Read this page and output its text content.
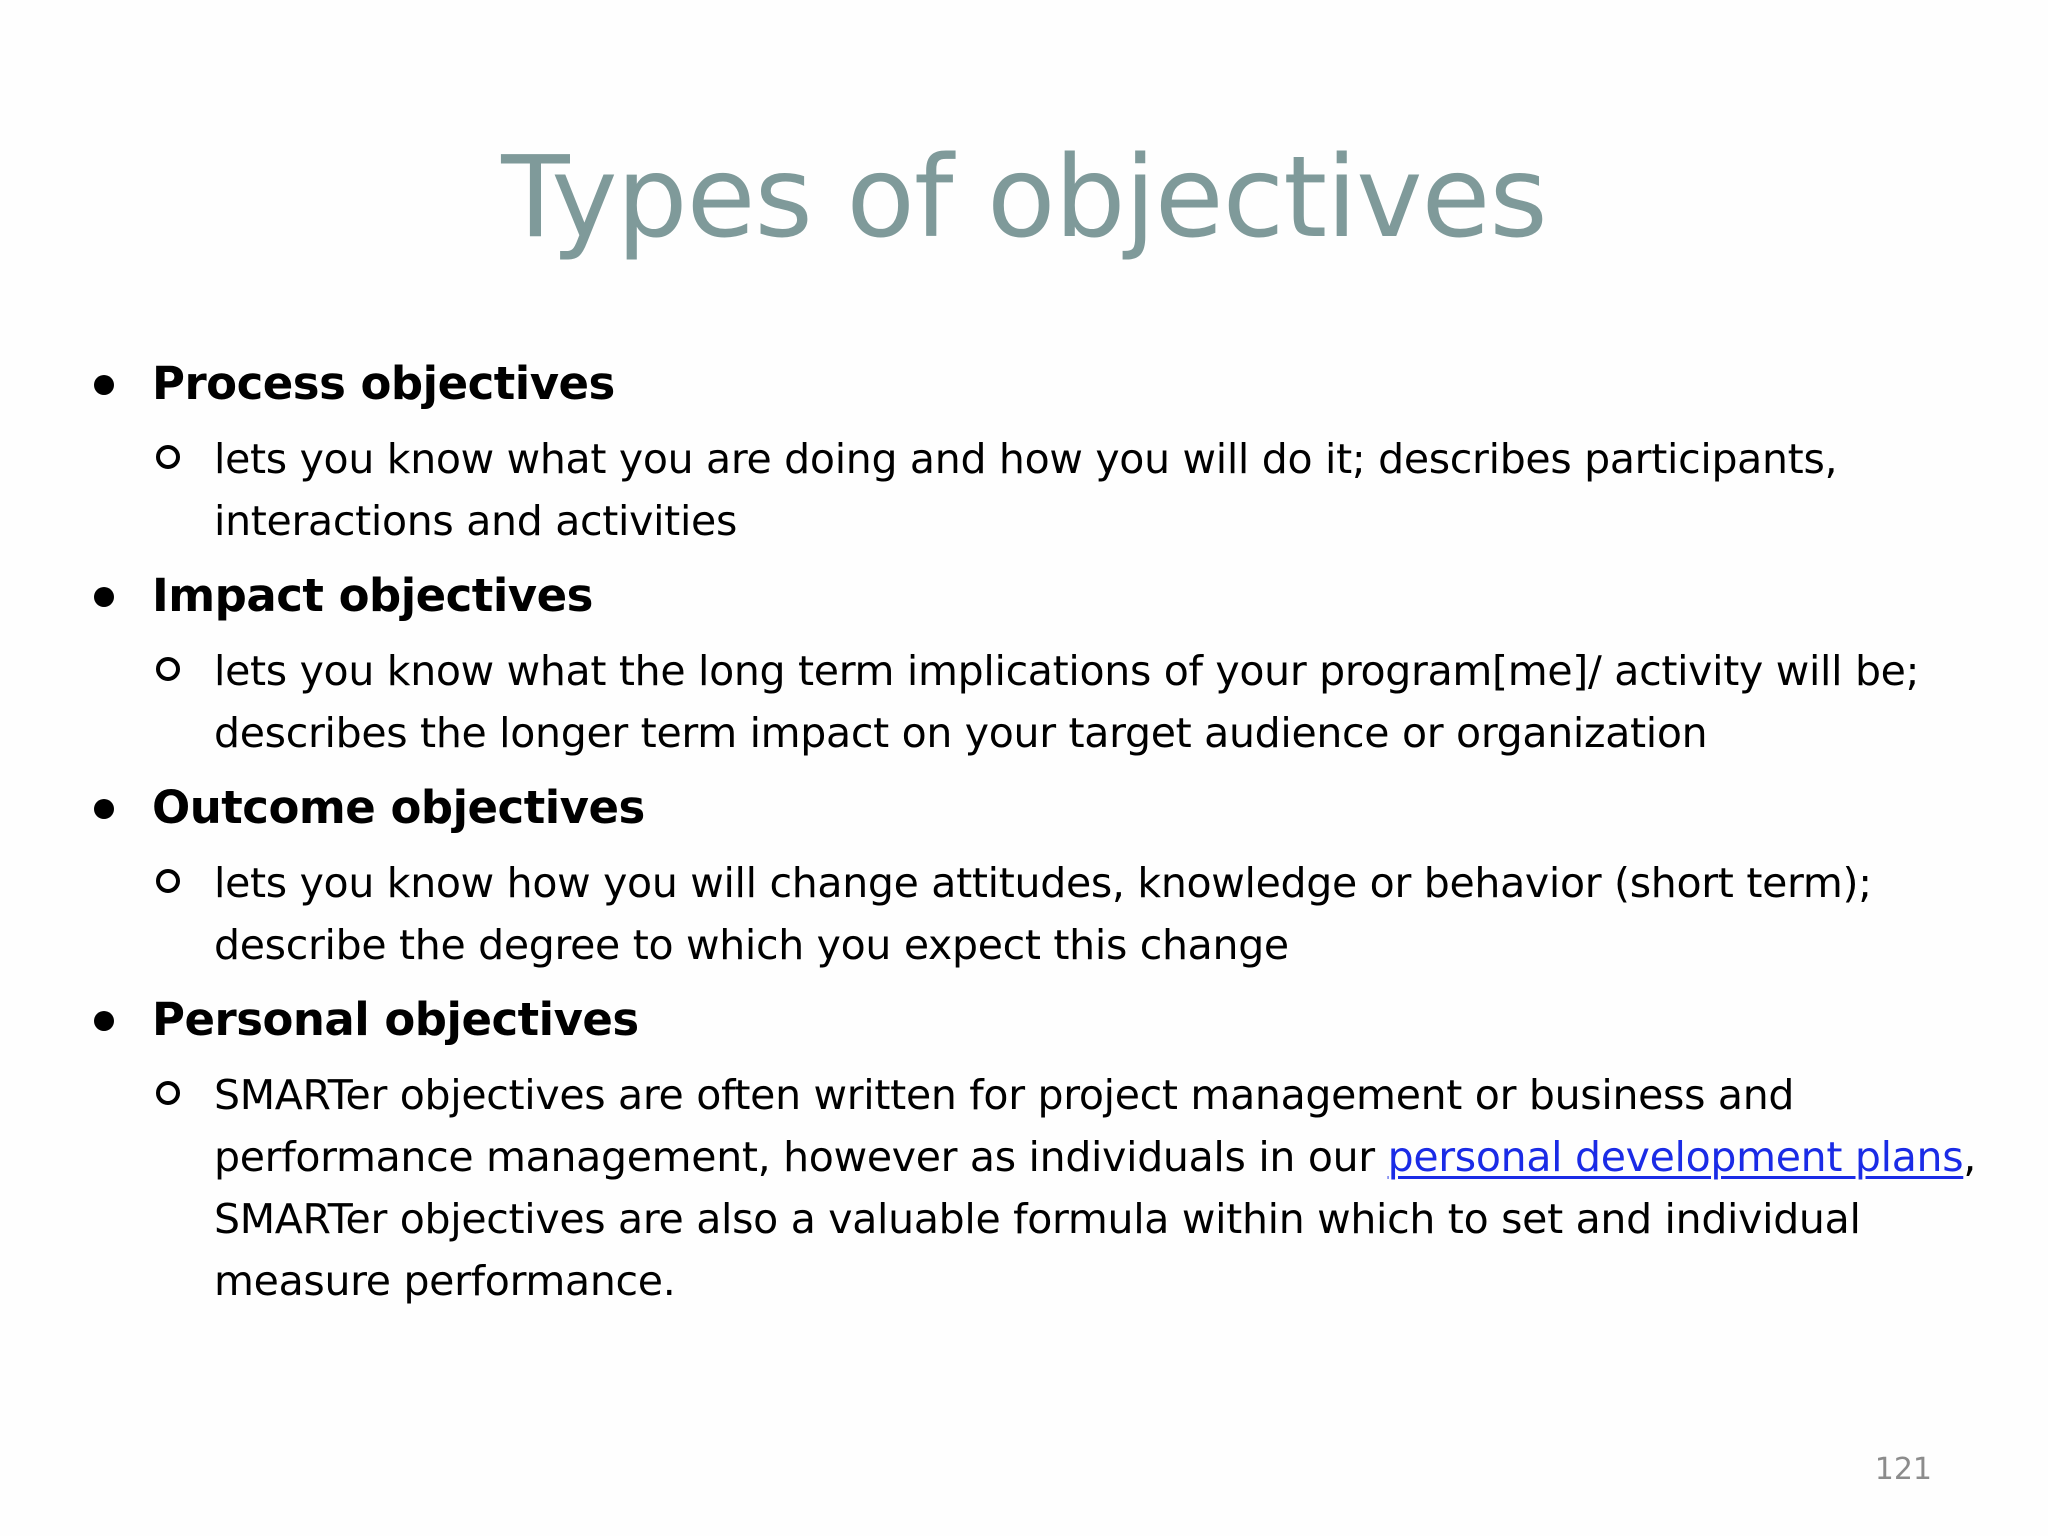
Types of objectives
Process objectives
lets you know what you are doing and how you will do it; describes participants, interactions and activities
Impact objectives
lets you know what the long term implications of your program[me]/ activity will be; describes the longer term impact on your target audience or organization
Outcome objectives
lets you know how you will change attitudes, knowledge or behavior (short term); describe the degree to which you expect this change
Personal objectives
SMARTer objectives are often written for project management or business and performance management, however as individuals in our personal development plans, SMARTer objectives are also a valuable formula within which to set and individual measure performance.
121
